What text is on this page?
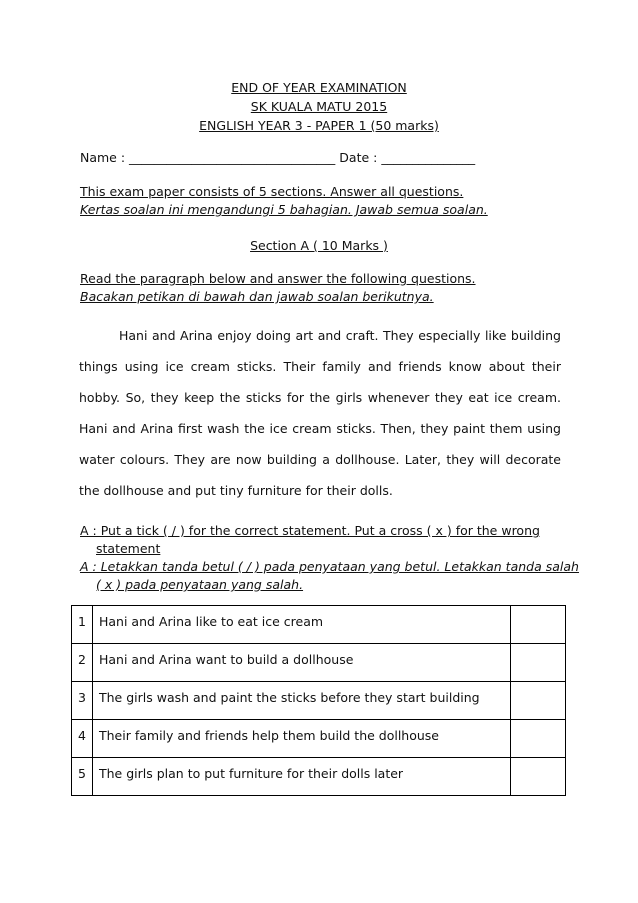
END OF YEAR EXAMINATION
SK KUALA MATU 2015
ENGLISH YEAR 3 - PAPER 1 (50 marks)
Name : _________________________________ Date : _______________
This exam paper consists of 5 sections. Answer all questions.
Kertas soalan ini mengandungi 5 bahagian. Jawab semua soalan.
Section A ( 10 Marks )
Read the paragraph below and answer the following questions.
Bacakan petikan di bawah dan jawab soalan berikutnya.
Hani and Arina enjoy doing art and craft. They especially like building things using ice cream sticks. Their family and friends know about their hobby. So, they keep the sticks for the girls whenever they eat ice cream. Hani and Arina first wash the ice cream sticks. Then, they paint them using water colours. They are now building a dollhouse. Later, they will decorate the dollhouse and put tiny furniture for their dolls.
A : Put a tick ( / ) for the correct statement. Put a cross ( x ) for the wrong
statement
A : Letakkan tanda betul ( / ) pada penyataan yang betul. Letakkan tanda salah
( x ) pada penyataan yang salah.
1	Hani and Arina like to eat ice cream	
2	Hani and Arina want to build a dollhouse	
3	The girls wash and paint the sticks before they start building	
4	Their family and friends help them build the dollhouse	
5	The girls plan to put furniture for their dolls later	
